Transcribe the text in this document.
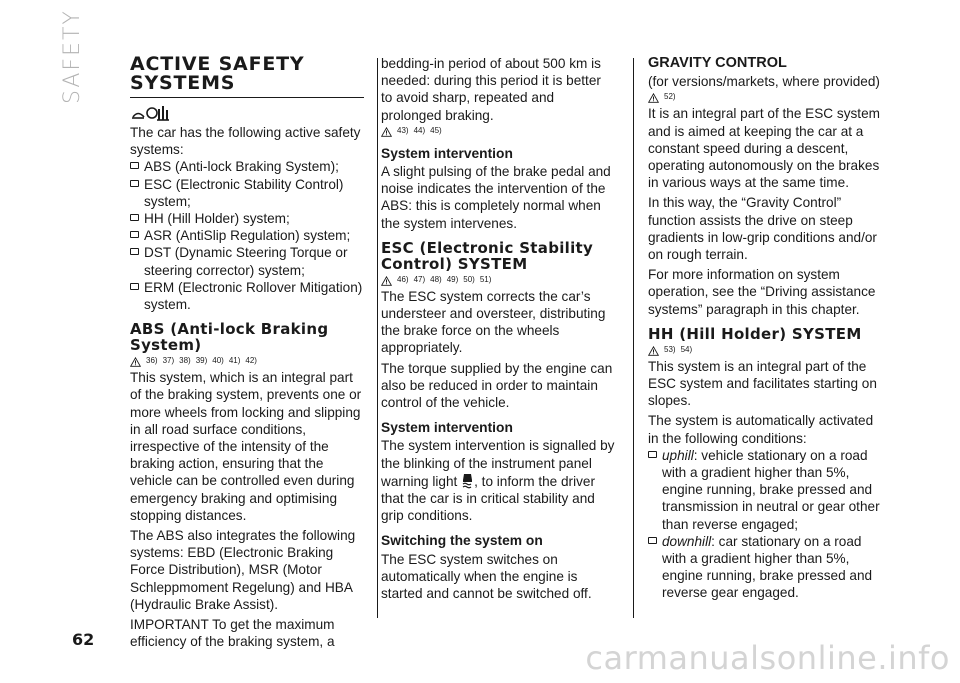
SAFETY
62	carmanualsonline.info
ACTIVE SAFETY
SYSTEMS

The car has the following active safety systems:

ABS (Anti-lock Braking System);
ESC (Electronic Stability Control) system;
HH (Hill Holder) system;
ASR (AntiSlip Regulation) system;
DST (Dynamic Steering Torque or steering corrector) system;
ERM (Electronic Rollover Mitigation) system.
ABS (Anti-lock Braking System)
36) 37) 38) 39) 40) 41) 42)

This system, which is an integral part of the braking system, prevents one or more wheels from locking and slipping in all road surface conditions, irrespective of the intensity of the braking action, ensuring that the vehicle can be controlled even during emergency braking and optimising stopping distances.

The ABS also integrates the following systems: EBD (Electronic Braking Force Distribution), MSR (Motor Schleppmoment Regelung) and HBA (Hydraulic Brake Assist).

IMPORTANT To get the maximum efficiency of the braking system, a

bedding-in period of about 500 km is needed: during this period it is better to avoid sharp, repeated and prolonged braking.

43) 44) 45)
System intervention

A slight pulsing of the brake pedal and noise indicates the intervention of the ABS: this is completely normal when the system intervenes.

ESC (Electronic Stability Control) SYSTEM
46) 47) 48) 49) 50) 51)

The ESC system corrects the car’s understeer and oversteer, distributing the brake force on the wheels appropriately.

The torque supplied by the engine can also be reduced in order to maintain control of the vehicle.

System intervention

The system intervention is signalled by the blinking of the instrument panel warning light , to inform the driver that the car is in critical stability and grip conditions.

Switching the system on

The ESC system switches on automatically when the engine is started and cannot be switched off.

GRAVITY CONTROL

(for versions/markets, where provided)

52)

It is an integral part of the ESC system and is aimed at keeping the car at a constant speed during a descent, operating autonomously on the brakes in various ways at the same time.

In this way, the “Gravity Control” function assists the drive on steep gradients in low-grip conditions and/or on rough terrain.

For more information on system operation, see the “Driving assistance systems” paragraph in this chapter.

HH (Hill Holder) SYSTEM
53) 54)

This system is an integral part of the ESC system and facilitates starting on slopes.

The system is automatically activated in the following conditions:

uphill: vehicle stationary on a road with a gradient higher than 5%, engine running, brake pressed and transmission in neutral or gear other than reverse engaged;
downhill: car stationary on a road with a gradient higher than 5%, engine running, brake pressed and reverse gear engaged.
